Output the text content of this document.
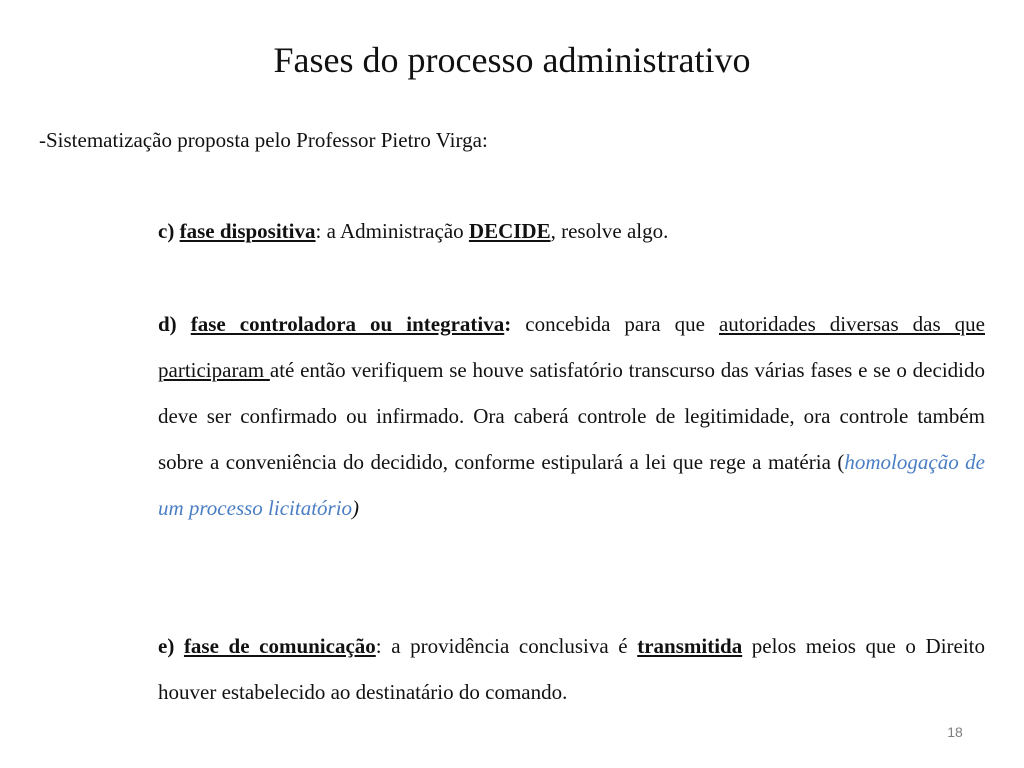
Fases do processo administrativo
-Sistematização proposta pelo Professor Pietro Virga:
c) fase dispositiva: a Administração DECIDE, resolve algo.
d) fase controladora ou integrativa: concebida para que autoridades diversas das que participaram até então verifiquem se houve satisfatório transcurso das várias fases e se o decidido deve ser confirmado ou infirmado. Ora caberá controle de legitimidade, ora controle também sobre a conveniência do decidido, conforme estipulará a lei que rege a matéria (homologação de um processo licitatório)
e) fase de comunicação: a providência conclusiva é transmitida pelos meios que o Direito houver estabelecido ao destinatário do comando.
18
